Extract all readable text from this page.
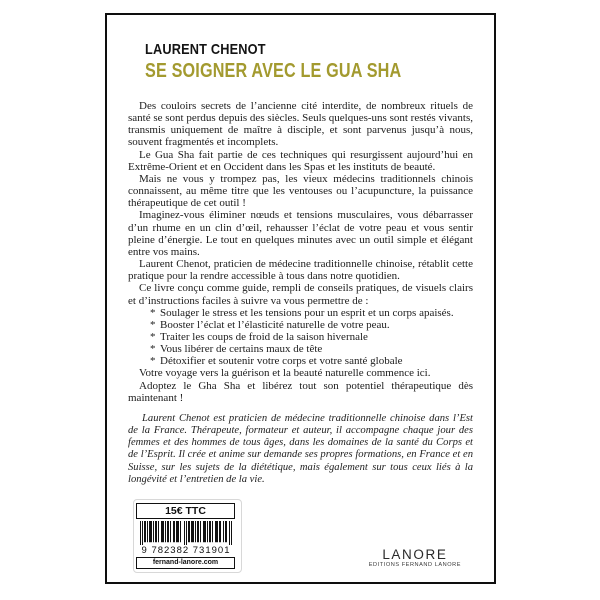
LAURENT CHENOT
SE SOIGNER AVEC LE GUA SHA

Des couloirs secrets de l’ancienne cité interdite, de nombreux rituels de santé se sont perdus depuis des siècles. Seuls quelques-uns sont restés vivants, transmis uniquement de maître à disciple, et sont parvenus jusqu’à nous, souvent fragmentés et incomplets.

Le Gua Sha fait partie de ces techniques qui resurgissent aujourd’hui en Extrême-Orient et en Occident dans les Spas et les instituts de beauté.

Mais ne vous y trompez pas, les vieux médecins traditionnels chinois connaissent, au même titre que les ventouses ou l’acupuncture, la puissance thérapeutique de cet outil !

Imaginez-vous éliminer nœuds et tensions musculaires, vous débarrasser d’un rhume en un clin d’œil, rehausser l’éclat de votre peau et vous sentir pleine d’énergie. Le tout en quelques minutes avec un outil simple et élégant entre vos mains.

Laurent Chenot, praticien de médecine traditionnelle chinoise, rétablit cette pratique pour la rendre accessible à tous dans notre quotidien.

Ce livre conçu comme guide, rempli de conseils pratiques, de visuels clairs et d’instructions faciles à suivre va vous permettre de :

* Soulager le stress et les tensions pour un esprit et un corps apaisés.
* Booster l’éclat et l’élasticité naturelle de votre peau.
* Traiter les coups de froid de la saison hivernale
* Vous libérer de certains maux de tête
* Détoxifier et soutenir votre corps et votre santé globale

Votre voyage vers la guérison et la beauté naturelle commence ici.

Adoptez le Gha Sha et libérez tout son potentiel thérapeutique dès maintenant !

Laurent Chenot est praticien de médecine traditionnelle chinoise dans l’Est de la France. Thérapeute, formateur et auteur, il accompagne chaque jour des femmes et des hommes de tous âges, dans les domaines de la santé du Corps et de l’Esprit. Il crée et anime sur demande ses propres formations, en France et en Suisse, sur les sujets de la diététique, mais également sur tous ceux liés à la longévité et l’entretien de la vie.
15€ TTC
9 782382 731901
fernand-lanore.com
LANORE
EDITIONS FERNAND LANORE
